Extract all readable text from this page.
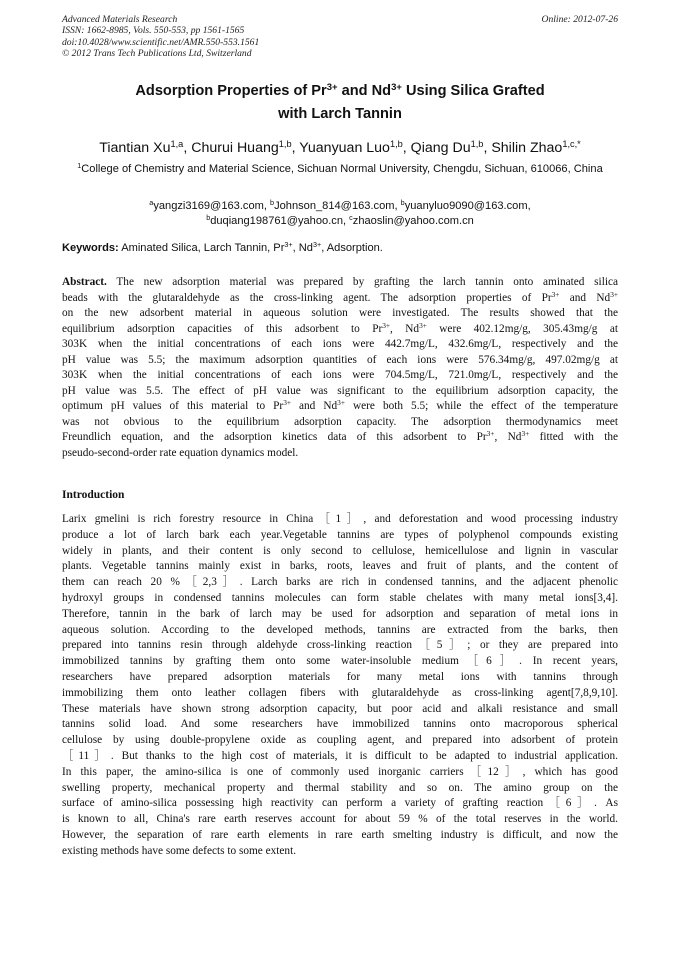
Advanced Materials Research
ISSN: 1662-8985, Vols. 550-553, pp 1561-1565
doi:10.4028/www.scientific.net/AMR.550-553.1561
© 2012 Trans Tech Publications Ltd, Switzerland
Online: 2012-07-26
Adsorption Properties of $Pr^{3+}$ and $Nd^{3+}$ Using Silica Grafted
with Larch Tannin
Tiantian Xu$^{1,a}$, Churui Huang$^{1,b}$, Yuanyuan Luo$^{1,b}$, Qiang Du$^{1,b}$, Shilin Zhao$^{1,c,*}$
$^1$College of Chemistry and Material Science, Sichuan Normal University, Chengdu, Sichuan, 610066, China
$^a$yangzi3169@163.com, $^b$Johnson_814@163.com, $^b$yuanyluo9090@163.com,
$^b$duqiang198761@yahoo.cn, $^c$zhaoslin@yahoo.com.cn
Keywords: Aminated Silica, Larch Tannin, $Pr^{3+}$, $Nd^{3+}$, Adsorption.
Abstract. The new adsorption material was prepared by grafting the larch tannin onto aminated silica
beads with the glutaraldehyde as the cross-linking agent. The adsorption properties of $Pr^{3+}$ and $Nd^{3+}$
on the new adsorbent material in aqueous solution were investigated. The results showed that the
equilibrium adsorption capacities of this adsorbent to $Pr^{3+}$, $Nd^{3+}$ were 402.12mg/g, 305.43mg/g at
303K when the initial concentrations of each ions were 442.7mg/L, 432.6mg/L, respectively and the
pH value was 5.5; the maximum adsorption quantities of each ions were 576.34mg/g, 497.02mg/g at
303K when the initial concentrations of each ions were 704.5mg/L, 721.0mg/L, respectively and the
pH value was 5.5. The effect of pH value was significant to the equilibrium adsorption capacity, the
optimum pH values of this material to $Pr^{3+}$ and $Nd^{3+}$ were both 5.5; while the effect of the temperature
was not obvious to the equilibrium adsorption capacity. The adsorption thermodynamics meet
Freundlich equation, and the adsorption kinetics data of this adsorbent to $Pr^{3+}$, $Nd^{3+}$ fitted with the
pseudo-second-order rate equation dynamics model.
Introduction
Larix gmelini is rich forestry resource in China［1］, and deforestation and wood processing industry
produce a lot of larch bark each year.Vegetable tannins are types of polyphenol compounds existing
widely in plants, and their content is only second to cellulose, hemicellulose and lignin in vascular
plants. Vegetable tannins mainly exist in barks, roots, leaves and fruit of plants, and the content of
them can reach 20 %［2,3］. Larch barks are rich in condensed tannins, and the adjacent phenolic
hydroxyl groups in condensed tannins molecules can form stable chelates with many metal ions[3,4].
Therefore, tannin in the bark of larch may be used for adsorption and separation of metal ions in
aqueous solution. According to the developed methods, tannins are extracted from the barks, then
prepared into tannins resin through aldehyde cross-linking reaction［5］; or they are prepared into
immobilized tannins by grafting them onto some water-insoluble medium［6］. In recent years,
researchers have prepared adsorption materials for many metal ions with tannins through
immobilizing them onto leather collagen fibers with glutaraldehyde as cross-linking agent[7,8,9,10].
These materials have shown strong adsorption capacity, but poor acid and alkali resistance and small
tannins solid load. And some researchers have immobilized tannins onto macroporous spherical
cellulose by using double-propylene oxide as coupling agent, and prepared into adsorbent of protein
［11］. But thanks to the high cost of materials, it is difficult to be adapted to industrial application.
In this paper, the amino-silica is one of commonly used inorganic carriers［12］, which has good
swelling property, mechanical property and thermal stability and so on. The amino group on the
surface of amino-silica possessing high reactivity can perform a variety of grafting reaction［6］. As
is known to all, China's rare earth reserves account for about 59 % of the total reserves in the world.
However, the separation of rare earth elements in rare earth smelting industry is difficult, and now the
existing methods have some defects to some extent.
